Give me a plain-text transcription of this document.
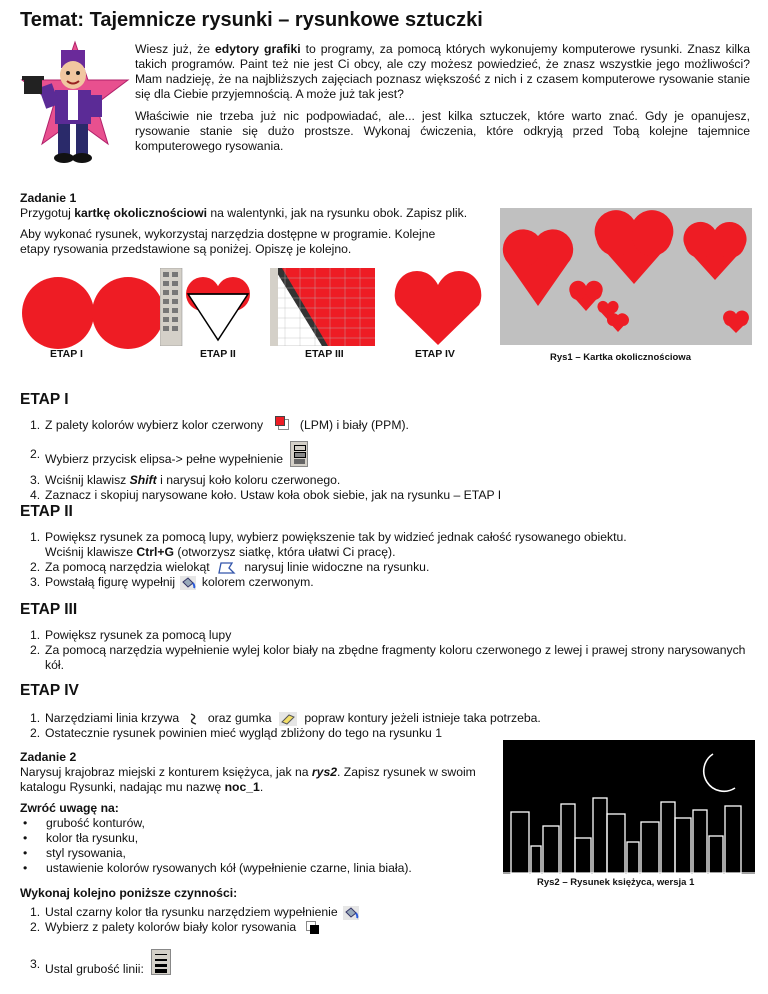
Temat: Tajemnicze rysunki – rysunkowe sztuczki

Wiesz już, że edytory grafiki to programy, za pomocą których wykonujemy komputerowe rysunki. Znasz kilka takich programów. Paint też nie jest Ci obcy, ale czy możesz powiedzieć, że znasz wszystkie jego możliwości? Mam nadzieję, że na najbliższych zajęciach poznasz większość z nich i z czasem komputerowe rysowanie stanie się dla Ciebie przyjemnością. A może już tak jest?

Właściwie nie trzeba już nic podpowiadać, ale... jest kilka sztuczek, które warto znać. Gdy je opanujesz, rysowanie stanie się dużo prostsze. Wykonaj ćwiczenia, które odkryją przed Tobą kolejne tajemnice komputerowego rysowania.

Zadanie 1
Przygotuj kartkę okolicznościowi na walentynki, jak na rysunku obok. Zapisz plik.
Aby wykonać rysunek, wykorzystaj narzędzia dostępne w programie. Kolejne etapy rysowania przedstawione są poniżej. Opiszę je kolejno.
ETAP I	ETAP II	ETAP III	ETAP IV	Rys1 – Kartka okolicznościowa
ETAP I
1. Z palety kolorów wybierz kolor czerwony	(LPM) i biały (PPM).
2. Wybierz przycisk elipsa-> pełne wypełnienie
3. Wciśnij klawisz Shift i narysuj koło koloru czerwonego.
4. Zaznacz i skopiuj narysowane koło. Ustaw koła obok siebie, jak na rysunku – ETAP I
ETAP II
1. Powiększ rysunek za pomocą lupy, wybierz powiększenie tak by widzieć jednak całość rysowanego obiektu.
Wciśnij klawisze Ctrl+G (otworzysz siatkę, która ułatwi Ci pracę).
2. Za pomocą narzędzia wielokąt	narysuj linie widoczne na rysunku.
3. Powstałą figurę wypełnij kolorem czerwonym.
ETAP III
1. Powiększ rysunek za pomocą lupy
2. Za pomocą narzędzia wypełnienie wylej kolor biały na zbędne fragmenty koloru czerwonego z lewej i prawej strony narysowanych kół.
ETAP IV
1. Narzędziami linia krzywa oraz gumka	popraw kontury jeżeli istnieje taka potrzeba.
2. Ostatecznie rysunek powinien mieć wygląd zbliżony do tego na rysunku 1
Zadanie 2
Narysuj krajobraz miejski z konturem księżyca, jak na rys2. Zapisz rysunek w swoim katalogu Rysunki, nadając mu nazwę noc_1.
Zwróć uwagę na:
• grubość konturów,
• kolor tła rysunku,
• styl rysowania,
• ustawienie kolorów rysowanych kół (wypełnienie czarne, linia biała).
Wykonaj kolejno poniższe czynności:
Rys2 – Rysunek księżyca, wersja 1
1. Ustal czarny kolor tła rysunku narzędziem wypełnienie
2. Wybierz z palety kolorów biały kolor rysowania
3. Ustal grubość linii:
